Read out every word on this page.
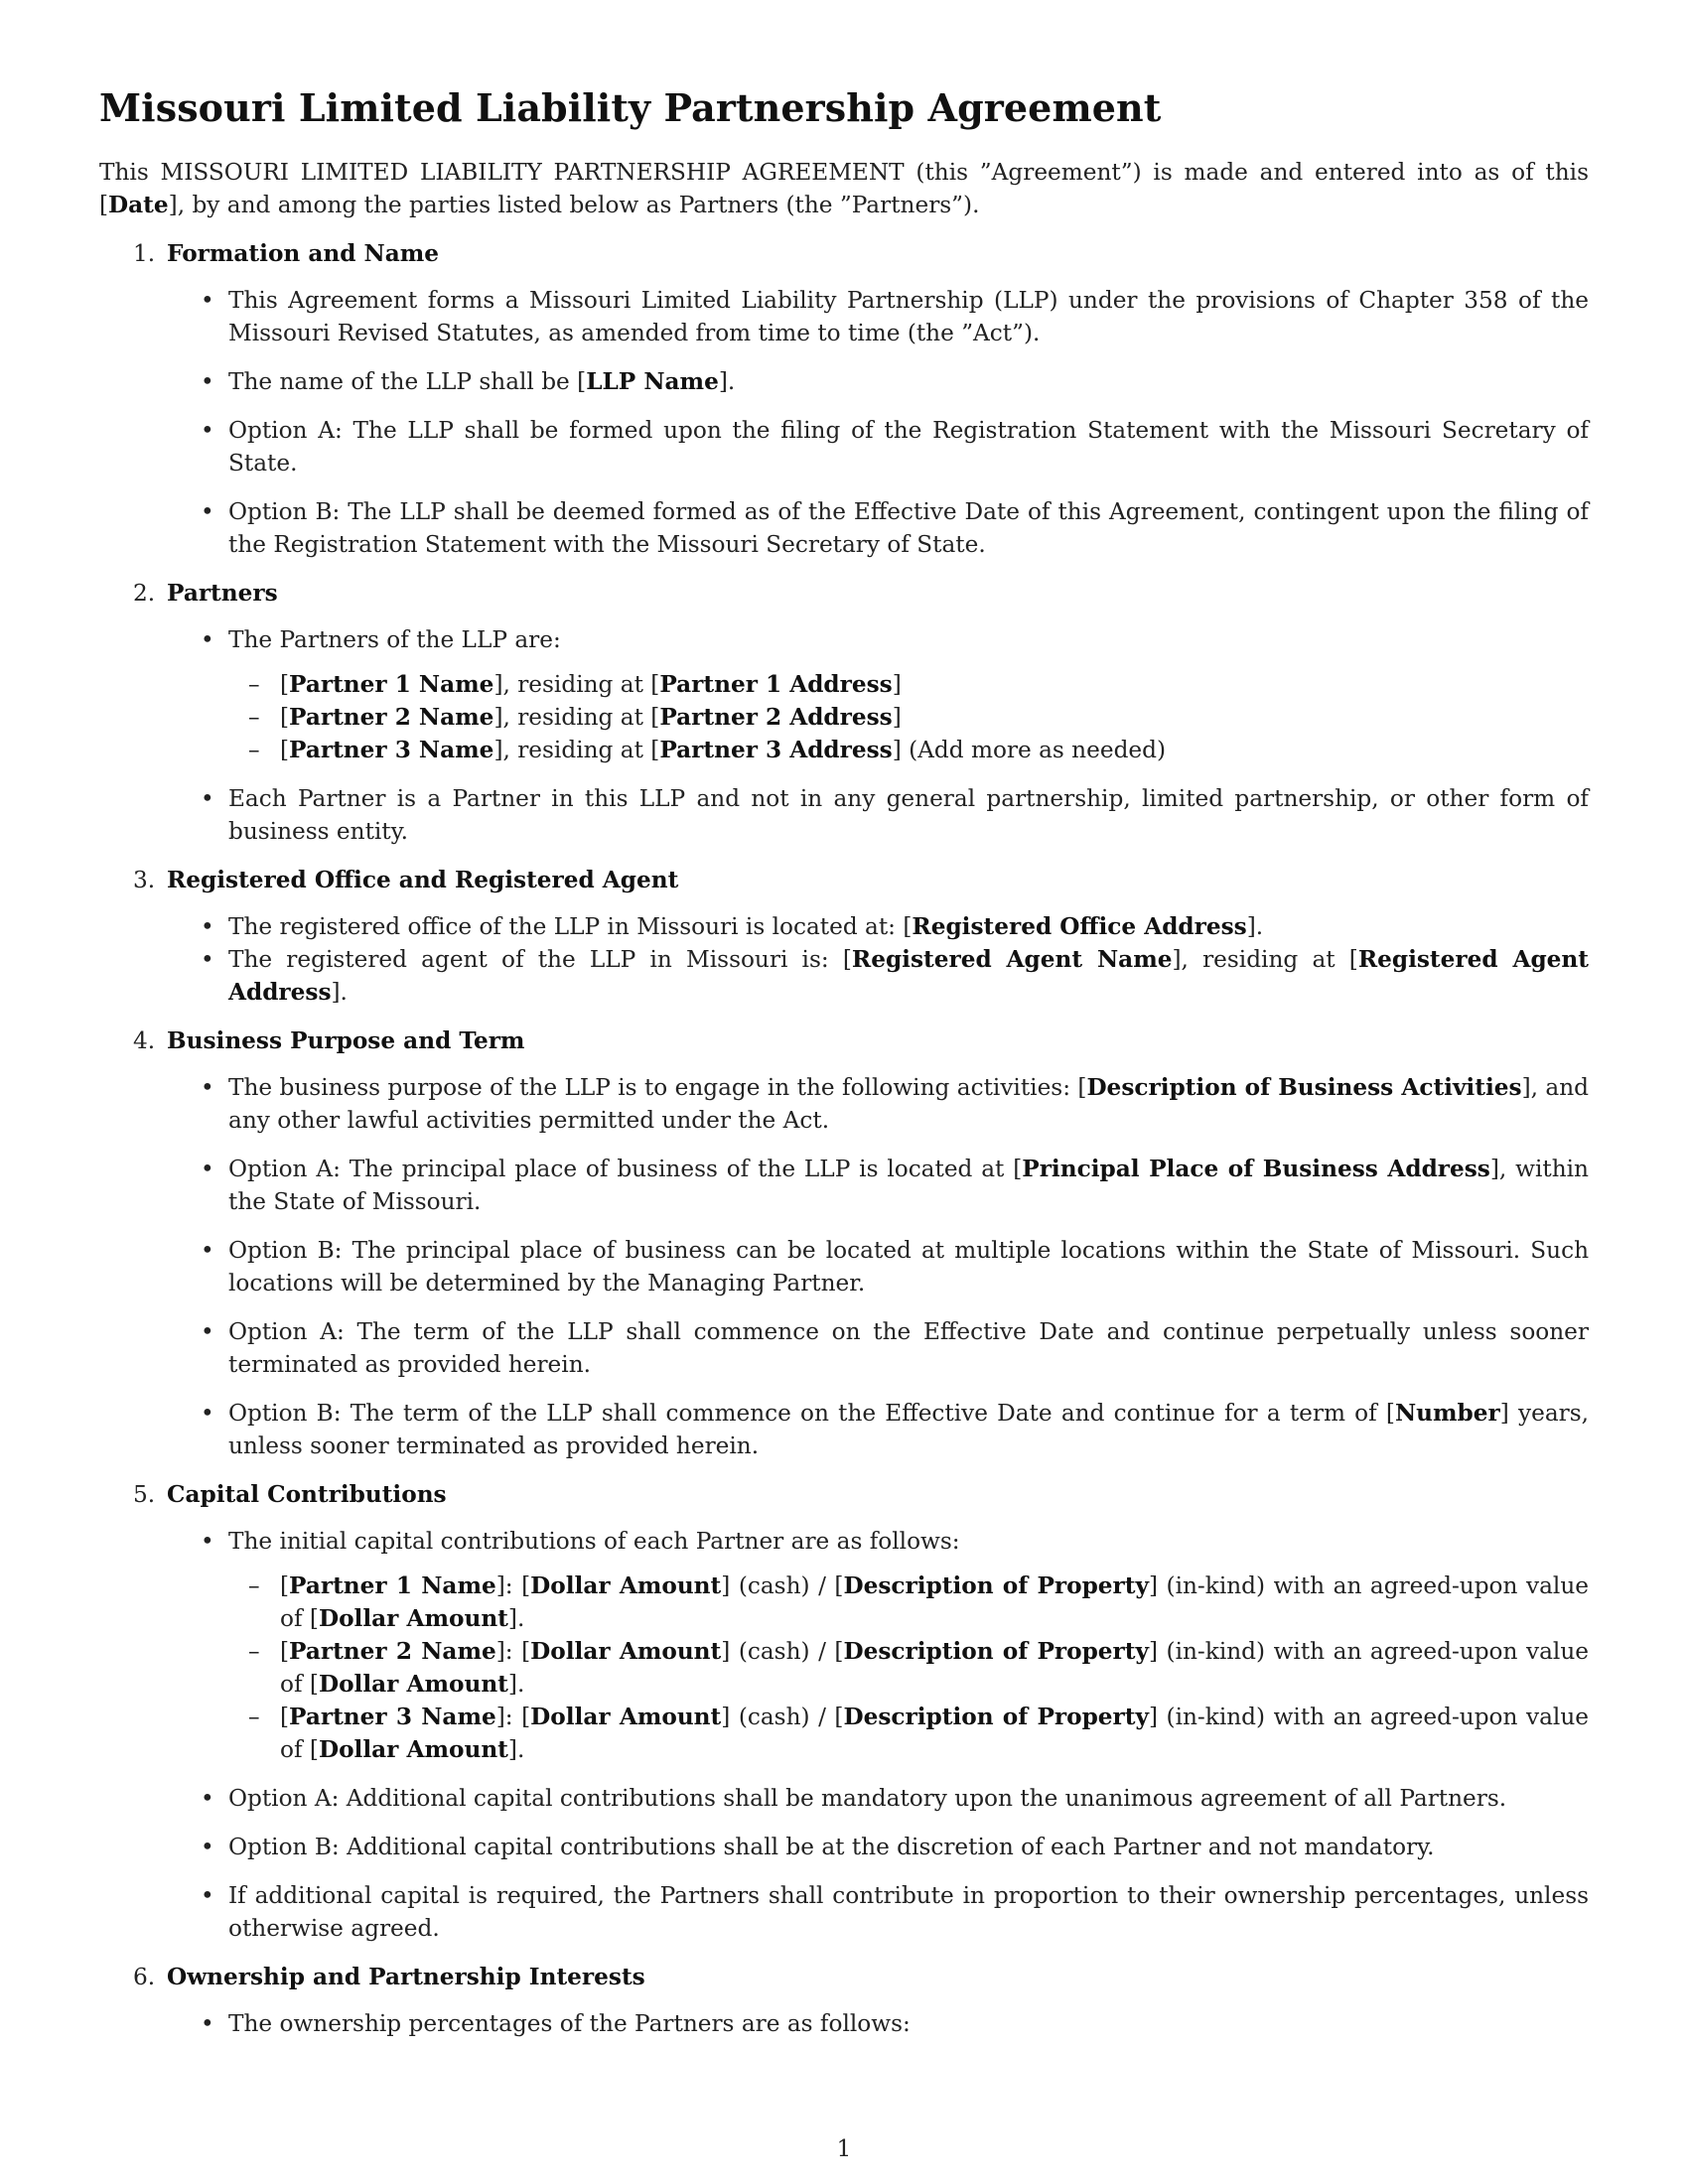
Missouri Limited Liability Partnership Agreement

This MISSOURI LIMITED LIABILITY PARTNERSHIP AGREEMENT (this ”Agreement”) is made and entered into as of this [Date], by and among the parties listed below as Partners (the ”Partners”).

1. Formation and Name
• This Agreement forms a Missouri Limited Liability Partnership (LLP) under the provisions of Chapter 358 of the Missouri Revised Statutes, as amended from time to time (the ”Act”).
• The name of the LLP shall be [LLP Name].
• Option A: The LLP shall be formed upon the filing of the Registration Statement with the Missouri Secretary of State.
• Option B: The LLP shall be deemed formed as of the Effective Date of this Agreement, contingent upon the filing of the Registration Statement with the Missouri Secretary of State.
2. Partners
• The Partners of the LLP are:
– [Partner 1 Name], residing at [Partner 1 Address]
– [Partner 2 Name], residing at [Partner 2 Address]
– [Partner 3 Name], residing at [Partner 3 Address] (Add more as needed)
• Each Partner is a Partner in this LLP and not in any general partnership, limited partnership, or other form of business entity.
3. Registered Office and Registered Agent
• The registered office of the LLP in Missouri is located at: [Registered Office Address].
• The registered agent of the LLP in Missouri is: [Registered Agent Name], residing at [Registered Agent Address].
4. Business Purpose and Term
• The business purpose of the LLP is to engage in the following activities: [Description of Business Activities], and any other lawful activities permitted under the Act.
• Option A: The principal place of business of the LLP is located at [Principal Place of Business Address], within the State of Missouri.
• Option B: The principal place of business can be located at multiple locations within the State of Missouri. Such locations will be determined by the Managing Partner.
• Option A: The term of the LLP shall commence on the Effective Date and continue perpetually unless sooner terminated as provided herein.
• Option B: The term of the LLP shall commence on the Effective Date and continue for a term of [Number] years, unless sooner terminated as provided herein.
5. Capital Contributions
• The initial capital contributions of each Partner are as follows:
– [Partner 1 Name]: [Dollar Amount] (cash) / [Description of Property] (in-kind) with an agreed-upon value of [Dollar Amount].
– [Partner 2 Name]: [Dollar Amount] (cash) / [Description of Property] (in-kind) with an agreed-upon value of [Dollar Amount].
– [Partner 3 Name]: [Dollar Amount] (cash) / [Description of Property] (in-kind) with an agreed-upon value of [Dollar Amount].
• Option A: Additional capital contributions shall be mandatory upon the unanimous agreement of all Partners.
• Option B: Additional capital contributions shall be at the discretion of each Partner and not mandatory.
• If additional capital is required, the Partners shall contribute in proportion to their ownership percentages, unless otherwise agreed.
6. Ownership and Partnership Interests
• The ownership percentages of the Partners are as follows:
1
